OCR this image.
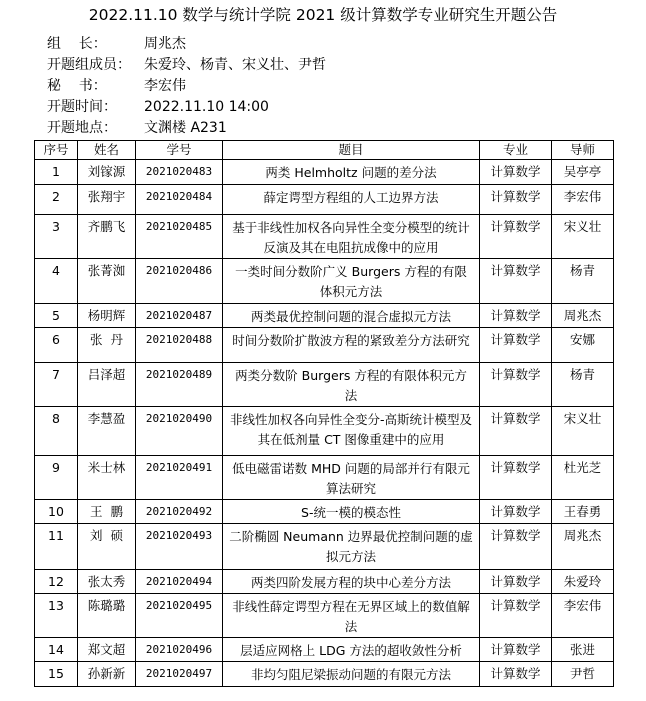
2022.11.10 数学与统计学院 2021 级计算数学专业研究生开题公告
组    长：	周兆杰
开题组成员： 朱爱玲、杨青、宋义壮、尹哲
秘    书：	李宏伟
开题时间： 2022.11.10 14:00
开题地点： 文渊楼 A231
序号	姓名	学号	题目	专业	导师
1	刘镓源	2021020483	两类 Helmholtz 问题的差分法	计算数学	吴亭亭
2	张翔宇	2021020484	薛定谔型方程组的人工边界方法	计算数学	李宏伟
3	齐鹏飞	2021020485	基于非线性加权各向异性全变分模型的统计反演及其在电阻抗成像中的应用	计算数学	宋义壮
4	张菁洳	2021020486	一类时间分数阶广义 Burgers 方程的有限体积元方法	计算数学	杨青
5	杨明辉	2021020487	两类最优控制问题的混合虚拟元方法	计算数学	周兆杰
6	张  丹	2021020488	时间分数阶扩散波方程的紧致差分方法研究	计算数学	安娜
7	吕泽超	2021020489	两类分数阶 Burgers 方程的有限体积元方法	计算数学	杨青
8	李慧盈	2021020490	非线性加权各向异性全变分-高斯统计模型及其在低剂量 CT 图像重建中的应用	计算数学	宋义壮
9	米士林	2021020491	低电磁雷诺数 MHD 问题的局部并行有限元算法研究	计算数学	杜光芝
10	王  鹏	2021020492	S-统一模的模态性	计算数学	王春勇
11	刘  硕	2021020493	二阶椭圆 Neumann 边界最优控制问题的虚拟元方法	计算数学	周兆杰
12	张太秀	2021020494	两类四阶发展方程的块中心差分方法	计算数学	朱爱玲
13	陈璐璐	2021020495	非线性薛定谔型方程在无界区域上的数值解法	计算数学	李宏伟
14	郑文超	2021020496	层适应网格上 LDG 方法的超收敛性分析	计算数学	张进
15	孙新新	2021020497	非均匀阻尼梁振动问题的有限元方法	计算数学	尹哲
